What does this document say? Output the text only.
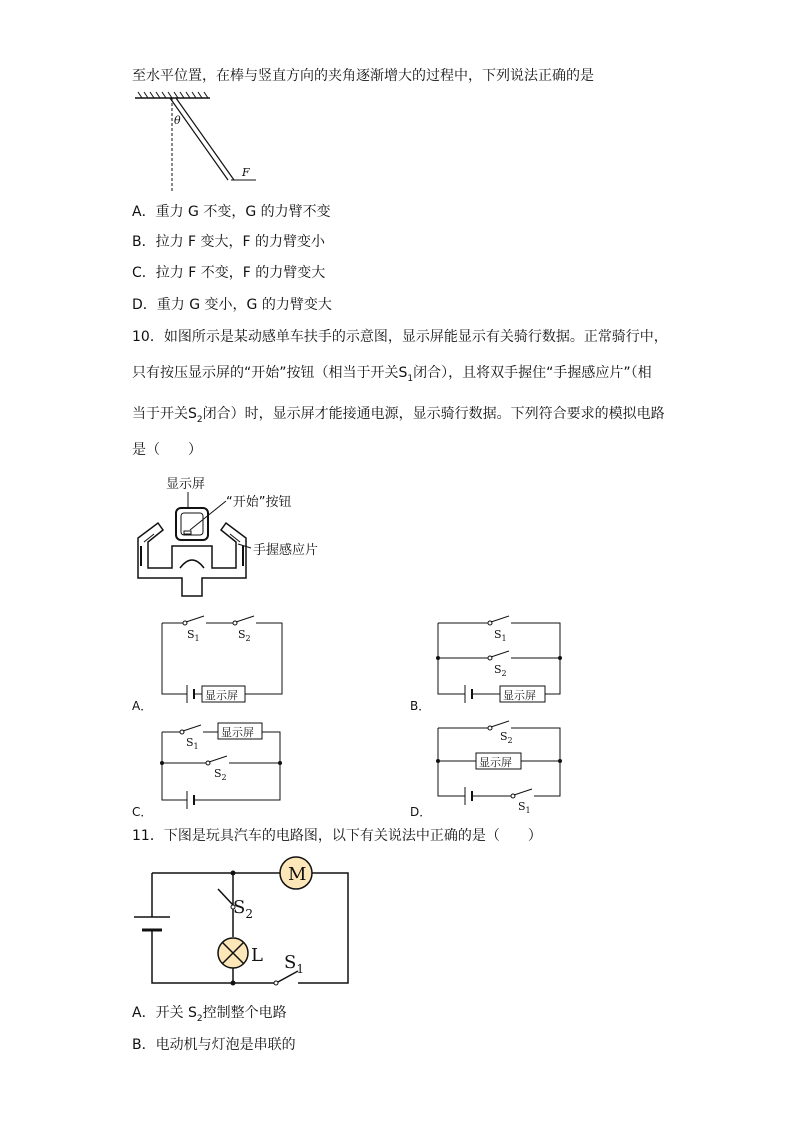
至水平位置，在棒与竖直方向的夹角逐渐增大的过程中，下列说法正确的是
θ
F
A．重力 G 不变，G 的力臂不变
B．拉力 F 变大，F 的力臂变小
C．拉力 F 不变，F 的力臂变大
D．重力 G 变小，G 的力臂变大
10．如图所示是某动感单车扶手的示意图，显示屏能显示有关骑行数据。正常骑行中，
只有按压显示屏的“开始”按钮（相当于开关$S_1$闭合），且将双手握住“手握感应片”（相
当于开关$S_2$闭合）时，显示屏才能接通电源，显示骑行数据。下列符合要求的模拟电路
是（　　）
显示屏
“开始”按钮
手握感应片
A．
$S_1$	$S_2$
显示屏
B．
$S_1$
$S_2$
显示屏
C．
$S_1$
$S_2$
显示屏
D．
$S_2$
显示屏
$S_1$
11．下图是玩具汽车的电路图，以下有关说法中正确的是（　　）
M
$S_2$
L $S_1$
A．开关 $S_2$控制整个电路
B．电动机与灯泡是串联的
